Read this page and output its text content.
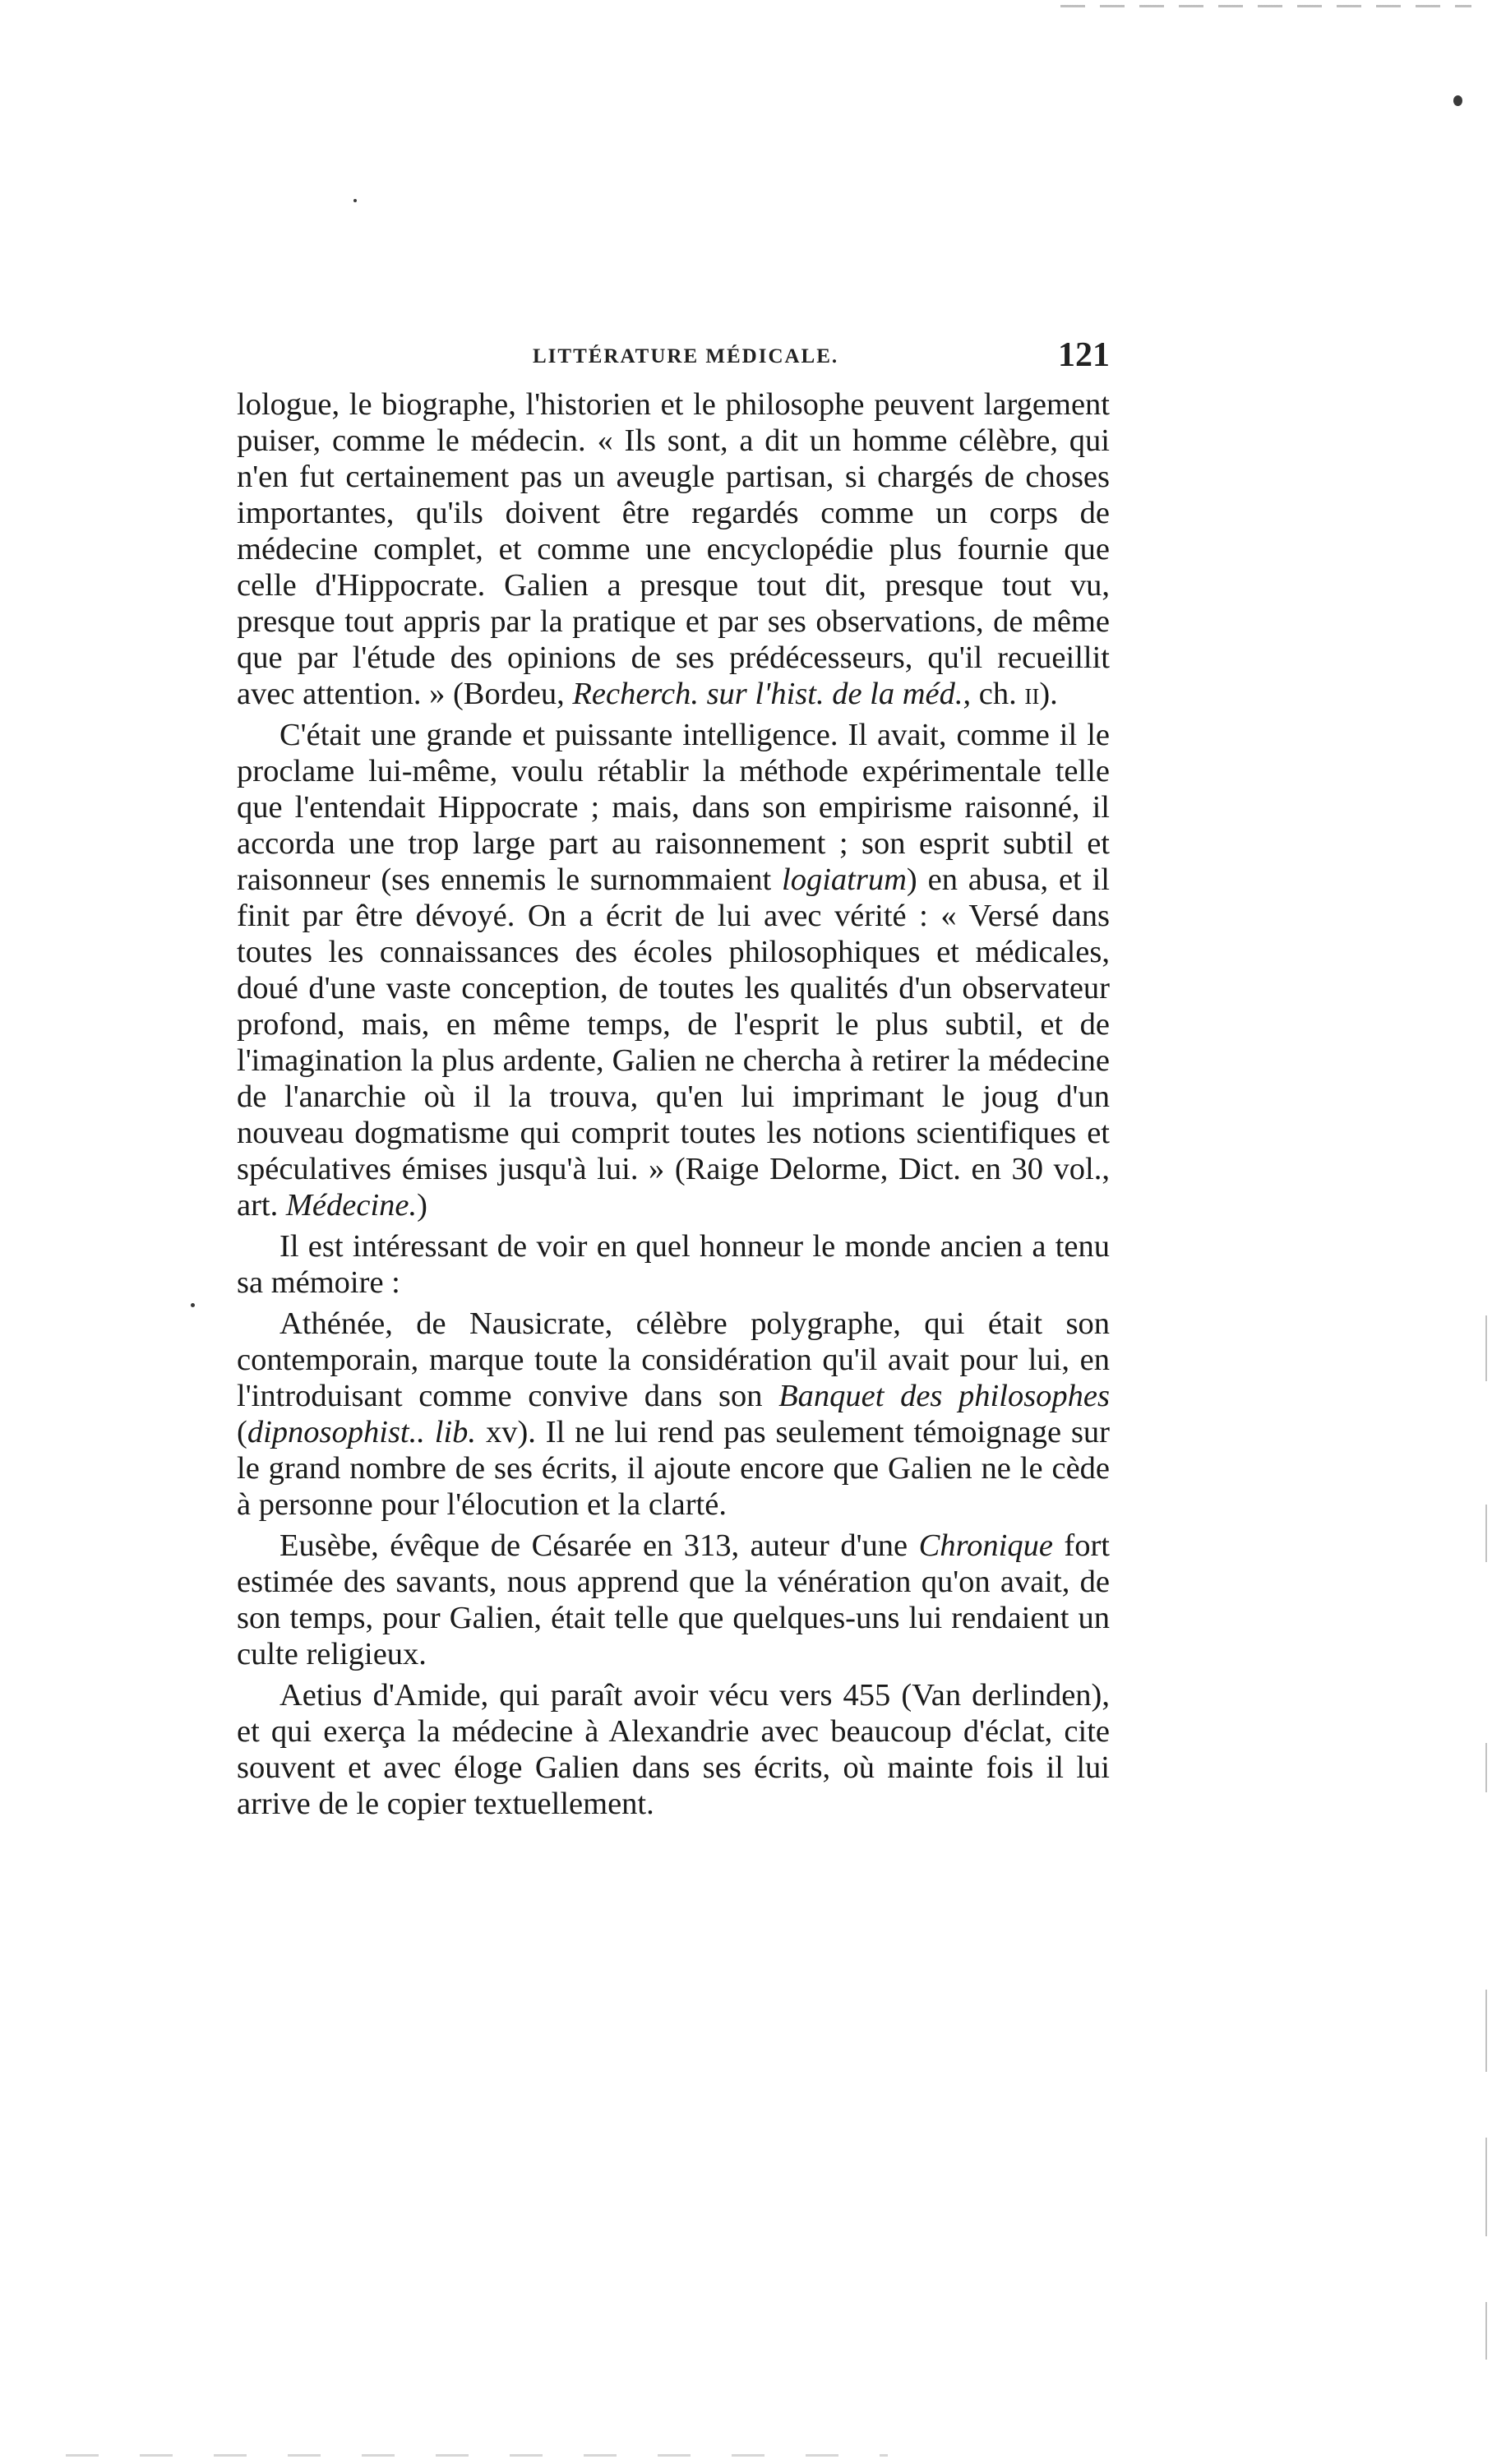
LITTÉRATURE MÉDICALE.	121

lologue, le biographe, l'historien et le philosophe peuvent largement puiser, comme le médecin. « Ils sont, a dit un homme célèbre, qui n'en fut certainement pas un aveugle partisan, si chargés de choses importantes, qu'ils doivent être regardés comme un corps de médecine complet, et comme une encyclopédie plus fournie que celle d'Hippocrate. Galien a presque tout dit, presque tout vu, presque tout appris par la pratique et par ses observations, de même que par l'étude des opinions de ses prédécesseurs, qu'il recueillit avec attention. » (Bordeu, Recherch. sur l'hist. de la méd., ch. ii).

C'était une grande et puissante intelligence. Il avait, comme il le proclame lui-même, voulu rétablir la méthode expérimentale telle que l'entendait Hippocrate ; mais, dans son empirisme raisonné, il accorda une trop large part au raisonnement ; son esprit subtil et raisonneur (ses ennemis le surnommaient logiatrum) en abusa, et il finit par être dévoyé. On a écrit de lui avec vérité : « Versé dans toutes les connaissances des écoles philosophiques et médicales, doué d'une vaste conception, de toutes les qualités d'un observateur profond, mais, en même temps, de l'esprit le plus subtil, et de l'imagination la plus ardente, Galien ne chercha à retirer la médecine de l'anarchie où il la trouva, qu'en lui imprimant le joug d'un nouveau dogmatisme qui comprit toutes les notions scientifiques et spéculatives émises jusqu'à lui. » (Raige Delorme, Dict. en 30 vol., art. Médecine.)

Il est intéressant de voir en quel honneur le monde ancien a tenu sa mémoire :

Athénée, de Nausicrate, célèbre polygraphe, qui était son contemporain, marque toute la considération qu'il avait pour lui, en l'introduisant comme convive dans son Banquet des philosophes (dipnosophist.. lib. xv). Il ne lui rend pas seulement témoignage sur le grand nombre de ses écrits, il ajoute encore que Galien ne le cède à personne pour l'élocution et la clarté.

Eusèbe, évêque de Césarée en 313, auteur d'une Chronique fort estimée des savants, nous apprend que la vénération qu'on avait, de son temps, pour Galien, était telle que quelques-uns lui rendaient un culte religieux.

Aetius d'Amide, qui paraît avoir vécu vers 455 (Van derlinden), et qui exerça la médecine à Alexandrie avec beaucoup d'éclat, cite souvent et avec éloge Galien dans ses écrits, où mainte fois il lui arrive de le copier textuellement.
